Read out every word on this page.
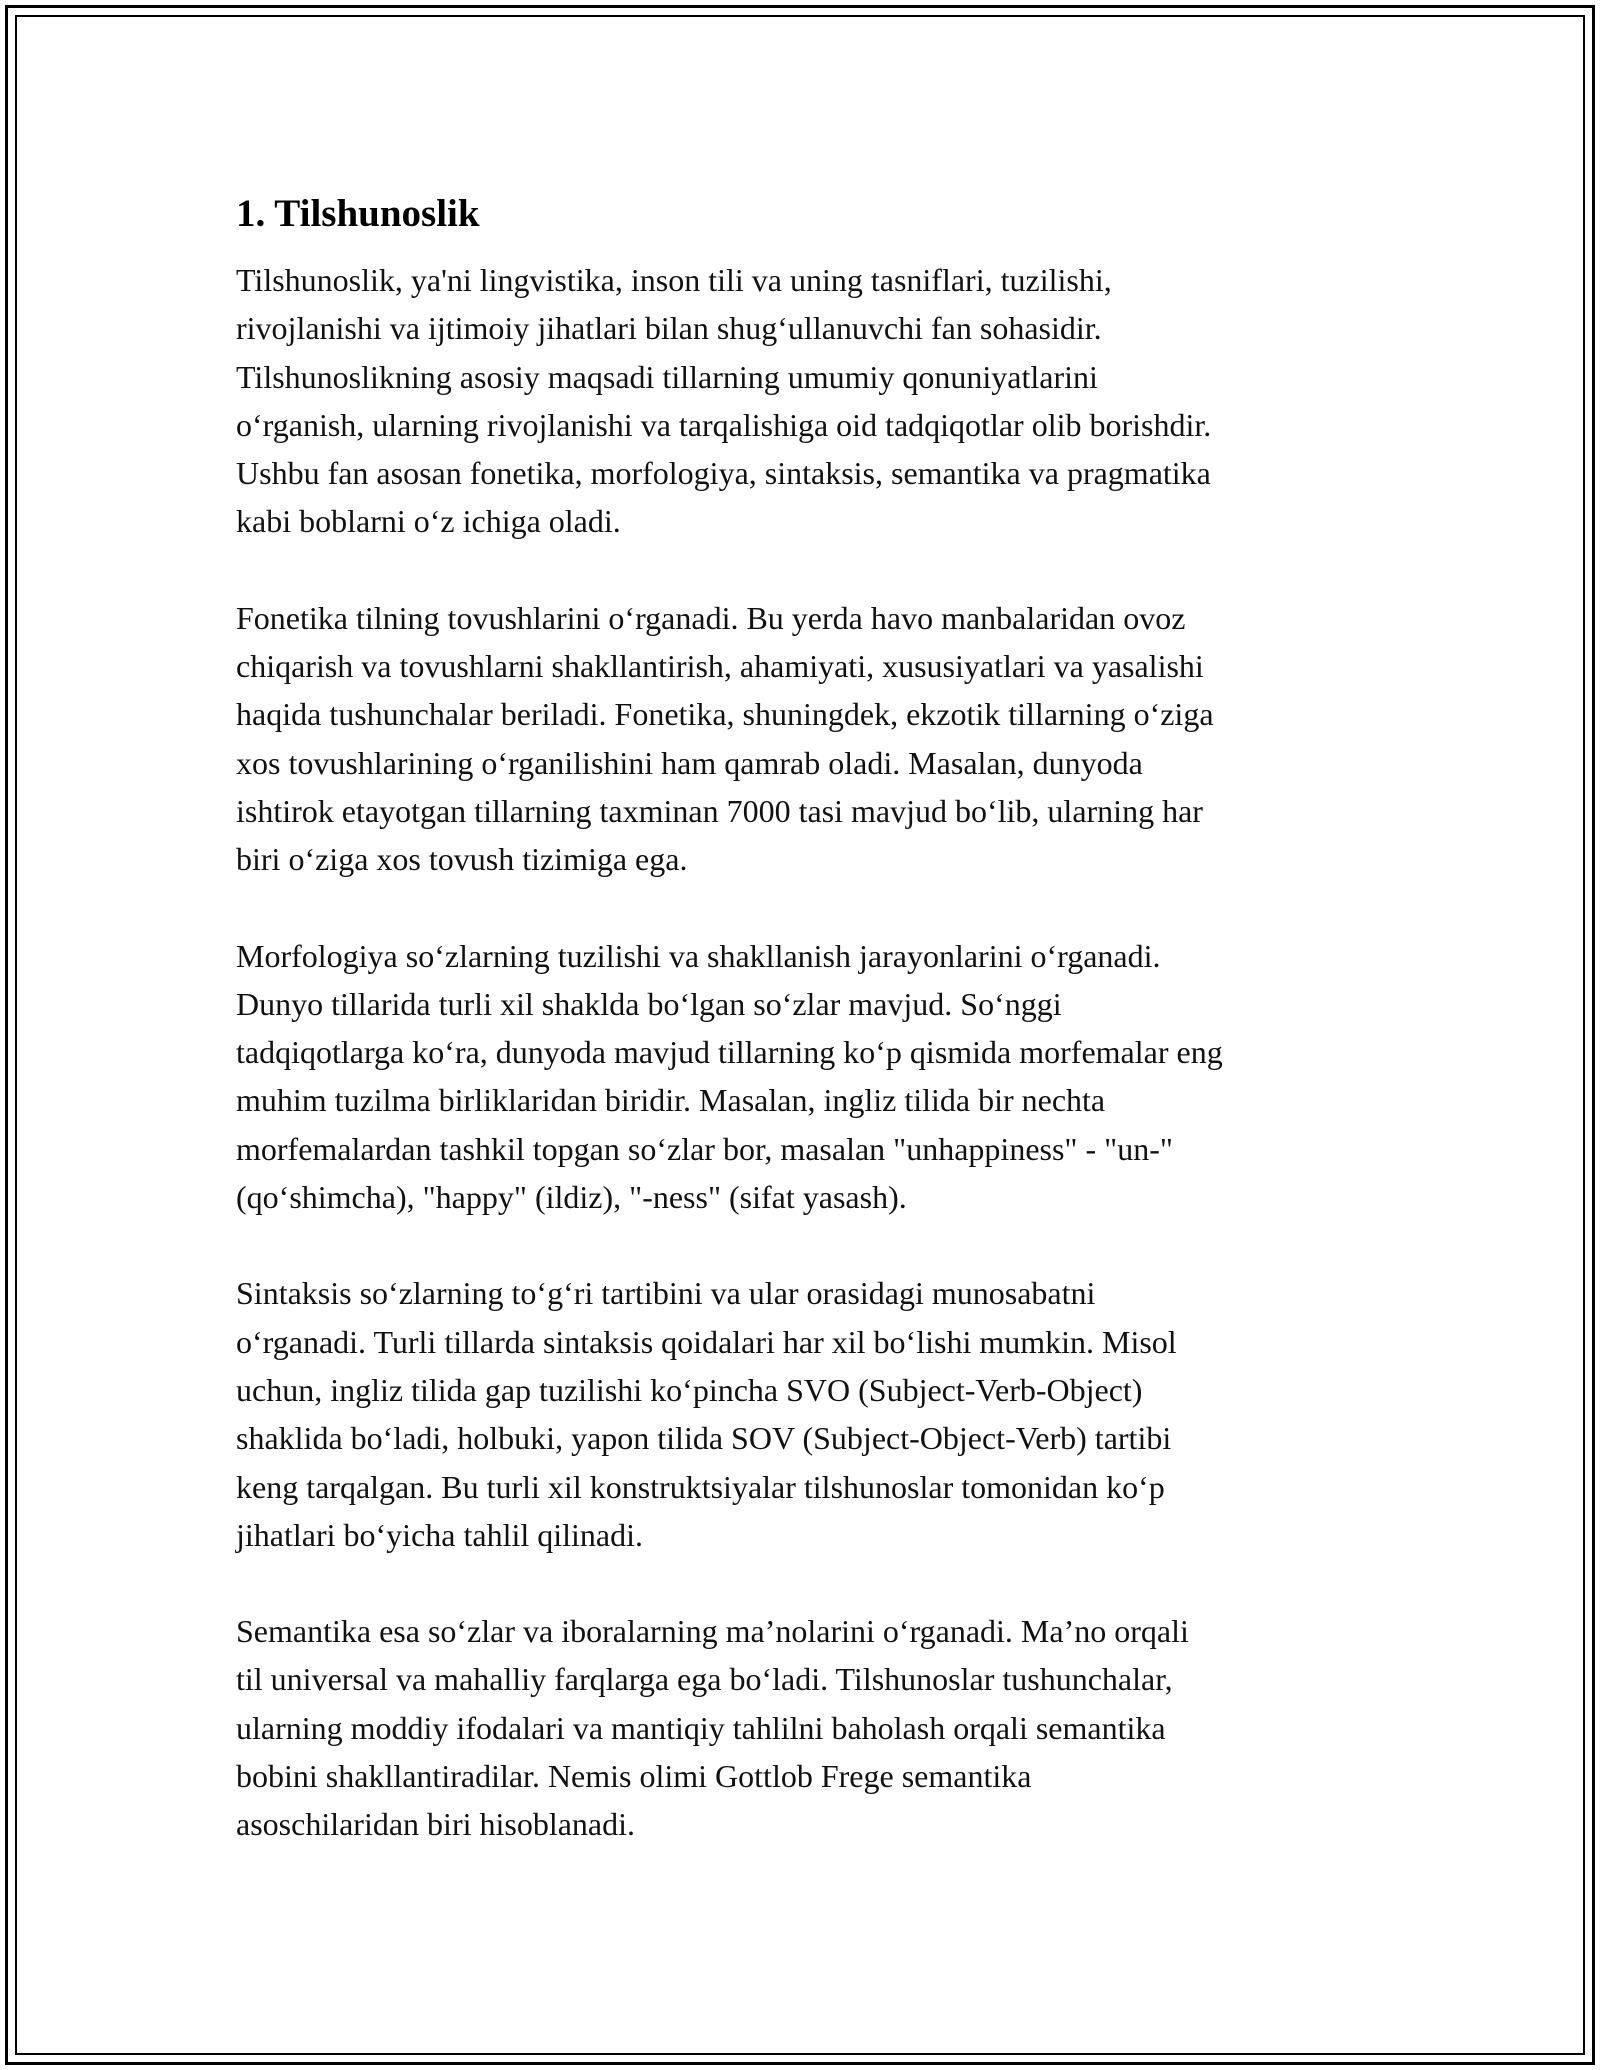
1. Tilshunoslik

Tilshunoslik, ya'ni lingvistika, inson tili va uning tasniflari, tuzilishi,
rivojlanishi va ijtimoiy jihatlari bilan shug‘ullanuvchi fan sohasidir.
Tilshunoslikning asosiy maqsadi tillarning umumiy qonuniyatlarini
o‘rganish, ularning rivojlanishi va tarqalishiga oid tadqiqotlar olib borishdir.
Ushbu fan asosan fonetika, morfologiya, sintaksis, semantika va pragmatika
kabi boblarni o‘z ichiga oladi.

Fonetika tilning tovushlarini o‘rganadi. Bu yerda havo manbalaridan ovoz
chiqarish va tovushlarni shakllantirish, ahamiyati, xususiyatlari va yasalishi
haqida tushunchalar beriladi. Fonetika, shuningdek, ekzotik tillarning o‘ziga
xos tovushlarining o‘rganilishini ham qamrab oladi. Masalan, dunyoda
ishtirok etayotgan tillarning taxminan 7000 tasi mavjud bo‘lib, ularning har
biri o‘ziga xos tovush tizimiga ega.

Morfologiya so‘zlarning tuzilishi va shakllanish jarayonlarini o‘rganadi.
Dunyo tillarida turli xil shaklda bo‘lgan so‘zlar mavjud. So‘nggi
tadqiqotlarga ko‘ra, dunyoda mavjud tillarning ko‘p qismida morfemalar eng
muhim tuzilma birliklaridan biridir. Masalan, ingliz tilida bir nechta
morfemalardan tashkil topgan so‘zlar bor, masalan "unhappiness" - "un-"
(qo‘shimcha), "happy" (ildiz), "-ness" (sifat yasash).

Sintaksis so‘zlarning to‘g‘ri tartibini va ular orasidagi munosabatni
o‘rganadi. Turli tillarda sintaksis qoidalari har xil bo‘lishi mumkin. Misol
uchun, ingliz tilida gap tuzilishi ko‘pincha SVO (Subject-Verb-Object)
shaklida bo‘ladi, holbuki, yapon tilida SOV (Subject-Object-Verb) tartibi
keng tarqalgan. Bu turli xil konstruktsiyalar tilshunoslar tomonidan ko‘p
jihatlari bo‘yicha tahlil qilinadi.

Semantika esa so‘zlar va iboralarning ma’nolarini o‘rganadi. Ma’no orqali
til universal va mahalliy farqlarga ega bo‘ladi. Tilshunoslar tushunchalar,
ularning moddiy ifodalari va mantiqiy tahlilni baholash orqali semantika
bobini shakllantiradilar. Nemis olimi Gottlob Frege semantika
asoschilaridan biri hisoblanadi.
